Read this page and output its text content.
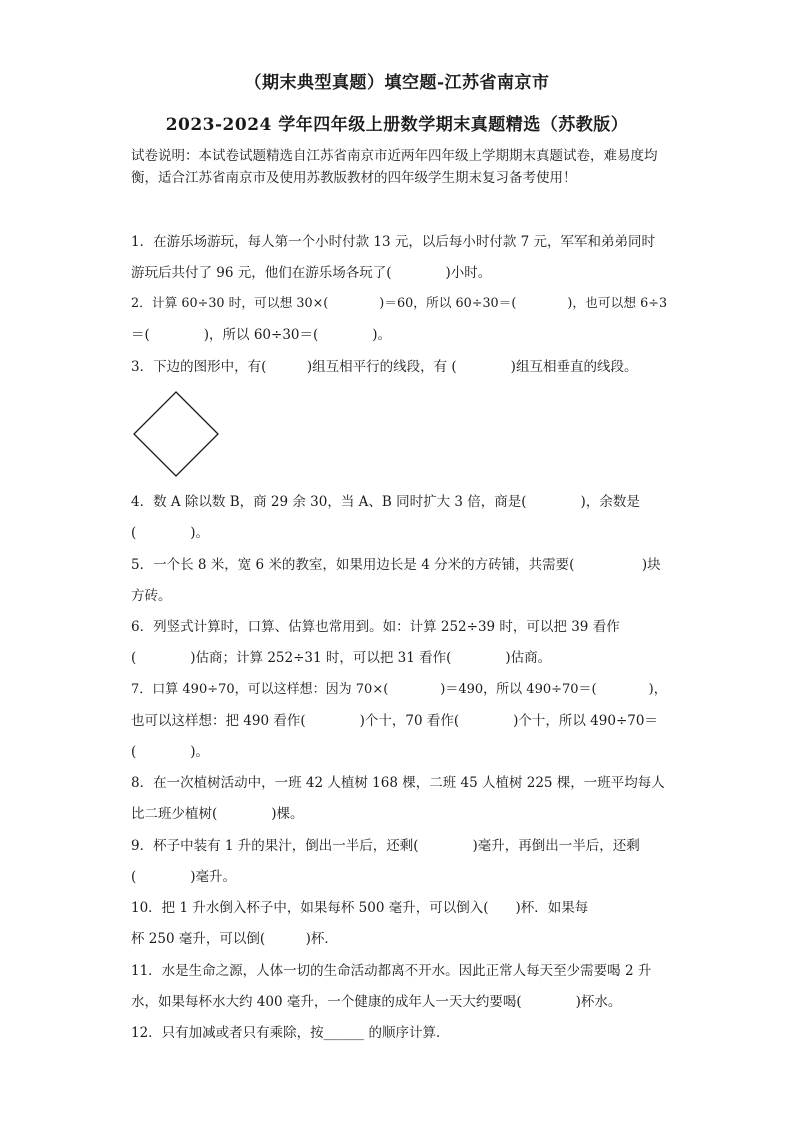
（期末典型真题）填空题-江苏省南京市
2023-2024 学年四年级上册数学期末真题精选（苏教版）
试卷说明：本试卷试题精选自江苏省南京市近两年四年级上学期期末真题试卷，难易度均衡，适合江苏省南京市及使用苏教版教材的四年级学生期末复习备考使用！
1．在游乐场游玩，每人第一个小时付款 13 元，以后每小时付款 7 元，军军和弟弟同时
游玩后共付了 96 元，他们在游乐场各玩了(　　　　)小时。
2．计算 60÷30 时，可以想 30×(　　　　)＝60，所以 60÷30＝(　　　　)，也可以想 6÷3
＝(　　　　)，所以 60÷30＝(　　　　)。
3．下边的图形中，有(　　　)组互相平行的线段，有 (　　　　)组互相垂直的线段。
4．数 A 除以数 B，商 29 余 30，当 A、B 同时扩大 3 倍，商是(　　　　)，余数是
(　　　　)。
5．一个长 8 米，宽 6 米的教室，如果用边长是 4 分米的方砖铺，共需要(　　　　　)块
方砖。
6．列竖式计算时，口算、估算也常用到。如：计算 252÷39 时，可以把 39 看作
(　　　　)估商；计算 252÷31 时，可以把 31 看作(　　　　)估商。
7．口算 490÷70，可以这样想：因为 70×(　　　　)＝490，所以 490÷70＝(　　　　)，
也可以这样想：把 490 看作(　　　　)个十，70 看作(　　　　)个十，所以 490÷70＝
(　　　　)。
8．在一次植树活动中，一班 42 人植树 168 棵，二班 45 人植树 225 棵，一班平均每人
比二班少植树(　　　　)棵。
9．杯子中装有 1 升的果汁，倒出一半后，还剩(　　　　)毫升，再倒出一半后，还剩
(　　　　)毫升。
10．把 1 升水倒入杯子中，如果每杯 500 毫升，可以倒入(　　)杯．如果每
杯 250 毫升，可以倒(　　　)杯．
11．水是生命之源，人体一切的生命活动都离不开水。因此正常人每天至少需要喝 2 升
水，如果每杯水大约 400 毫升，一个健康的成年人一天大约要喝(　　　　)杯水。
12．只有加减或者只有乘除，按______ 的顺序计算．
